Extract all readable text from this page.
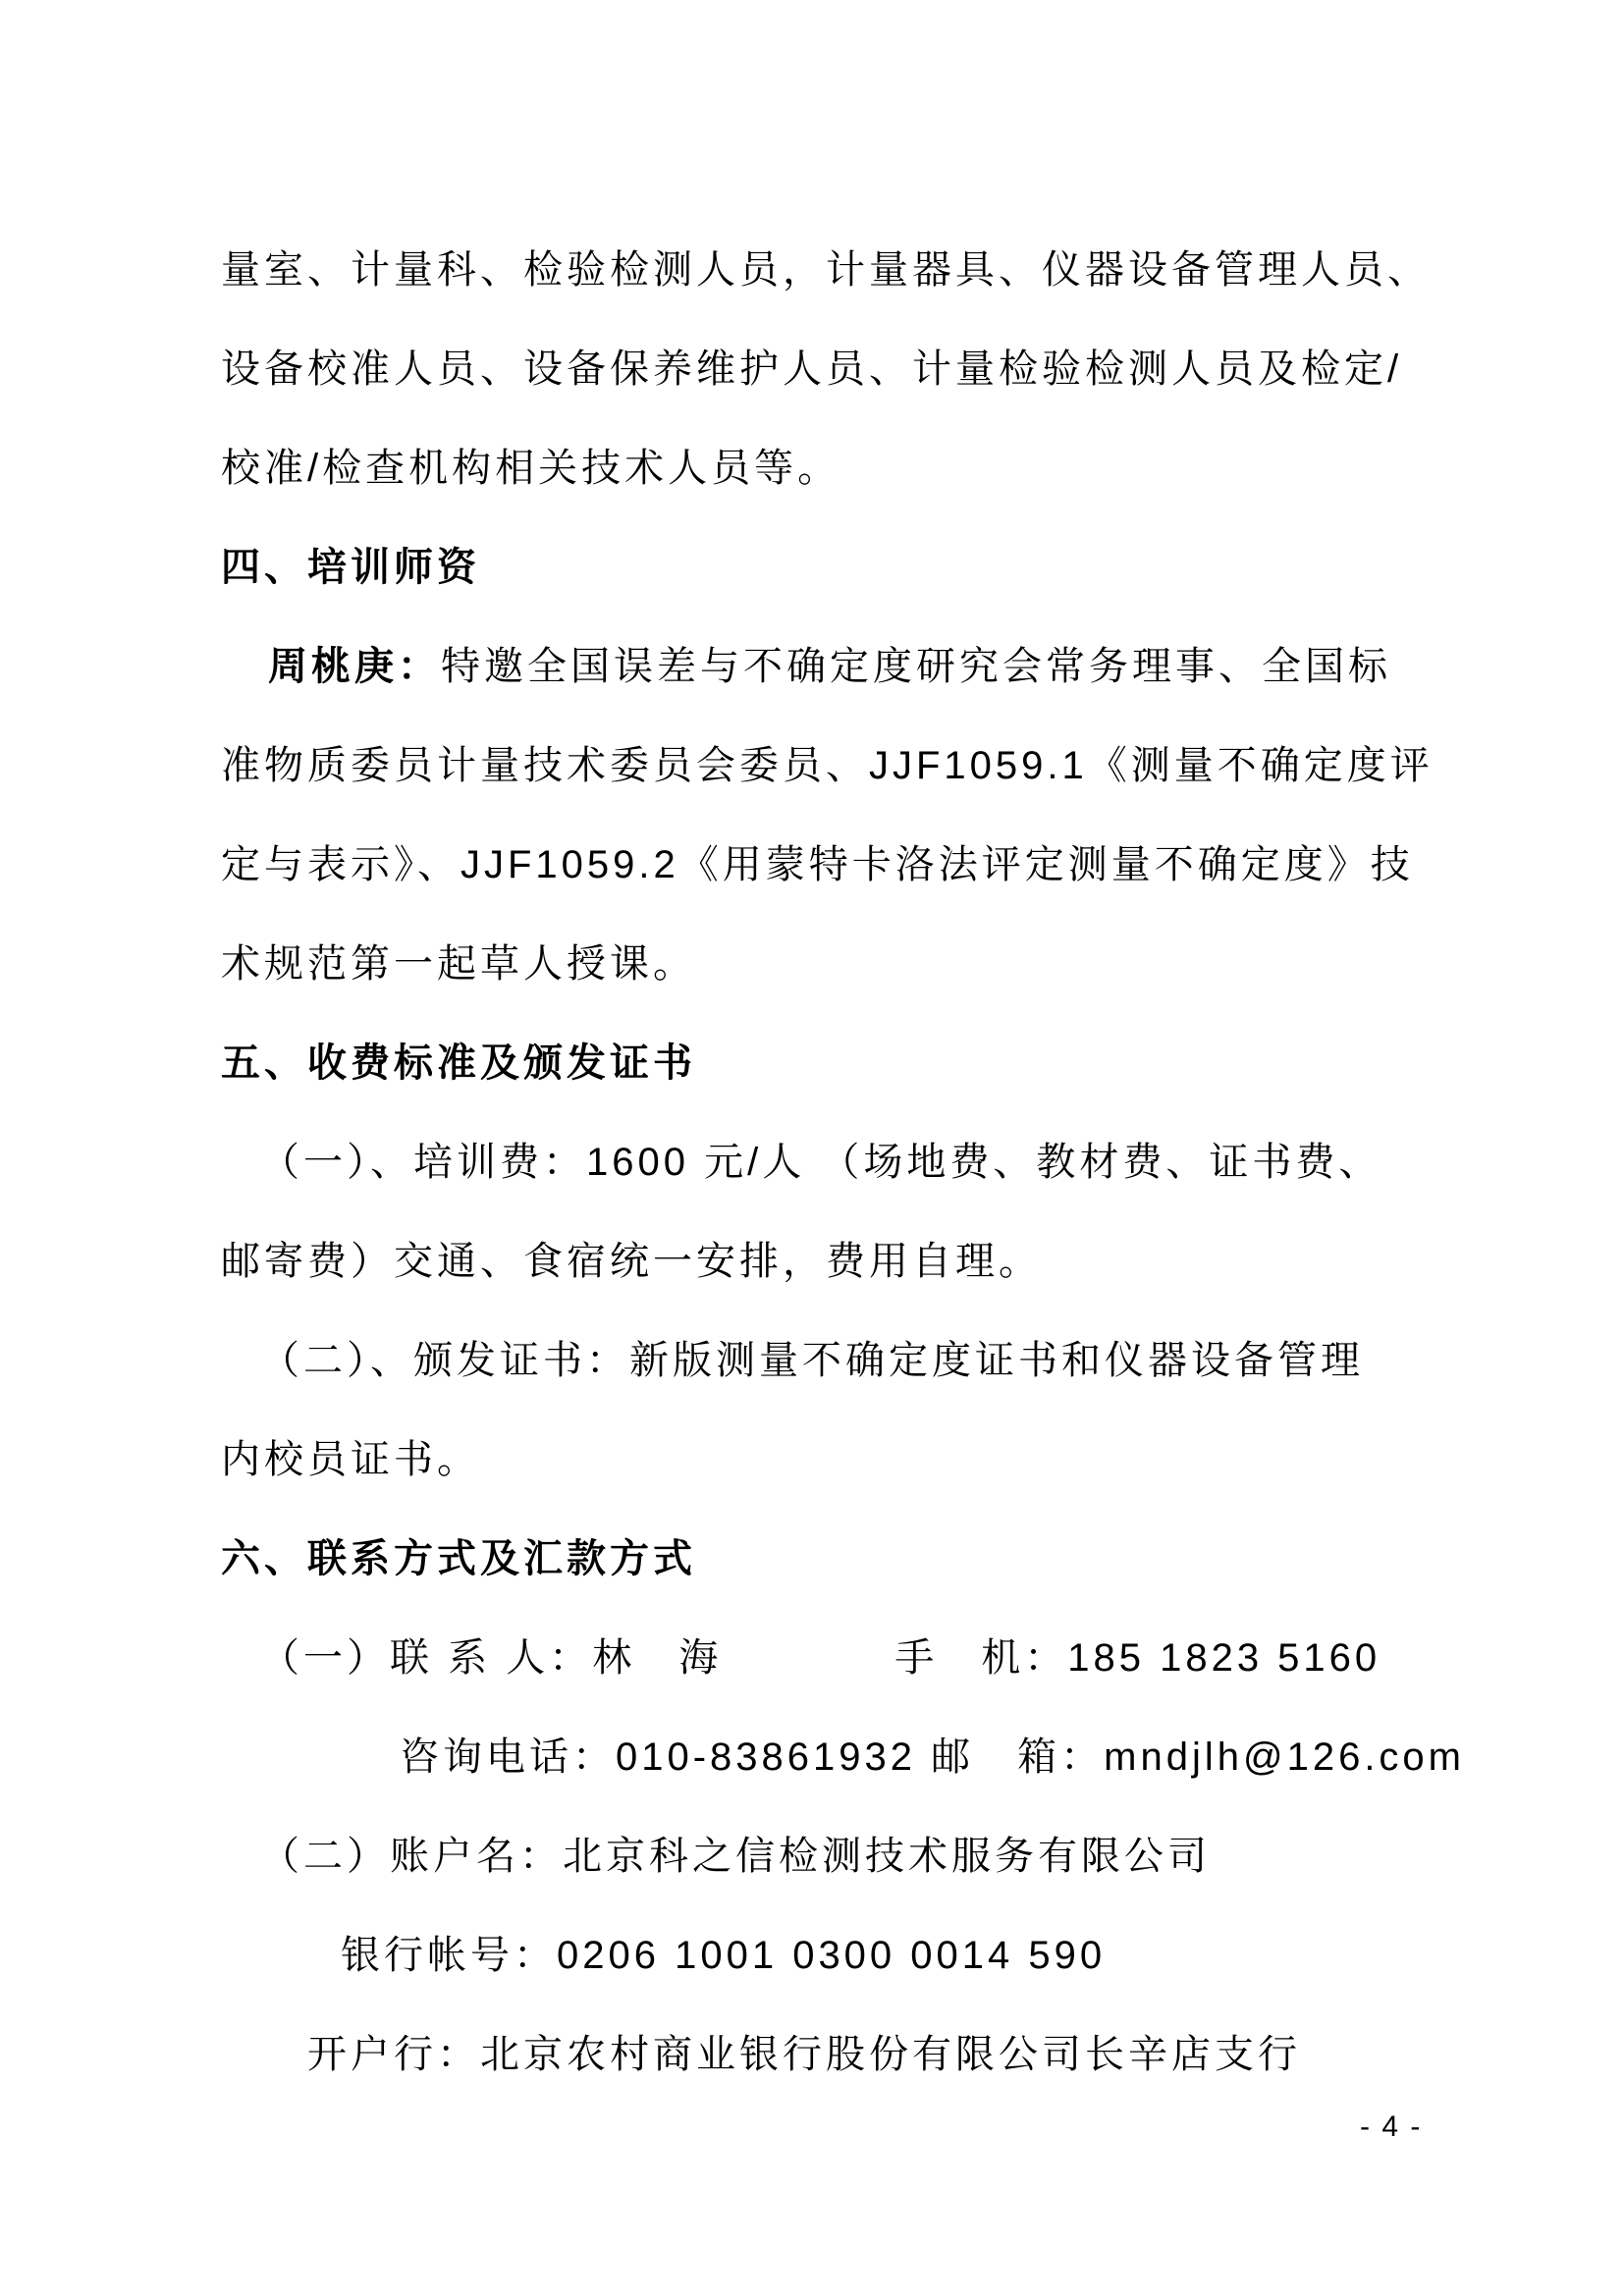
量室、计量科、检验检测人员，计量器具、仪器设备管理人员、

设备校准人员、设备保养维护人员、计量检验检测人员及检定/

校准/检查机构相关技术人员等。

四、培训师资

周桃庚：特邀全国误差与不确定度研究会常务理事、全国标

准物质委员计量技术委员会委员、JJF1059.1《测量不确定度评

定与表示》、JJF1059.2《用蒙特卡洛法评定测量不确定度》技

术规范第一起草人授课。

五、收费标准及颁发证书

（一）、培训费：1600 元/人 （场地费、教材费、证书费、

邮寄费）交通、食宿统一安排，费用自理。

（二）、颁发证书：新版测量不确定度证书和仪器设备管理

内校员证书。

六、联系方式及汇款方式

（一）联 系 人：林　海　　　　手　机：185 1823 5160

咨询电话：010-83861932 邮　箱：mndjlh@126.com

（二）账户名：北京科之信检测技术服务有限公司

银行帐号：0206 1001 0300 0014 590

开户行：北京农村商业银行股份有限公司长辛店支行

- 4 -
